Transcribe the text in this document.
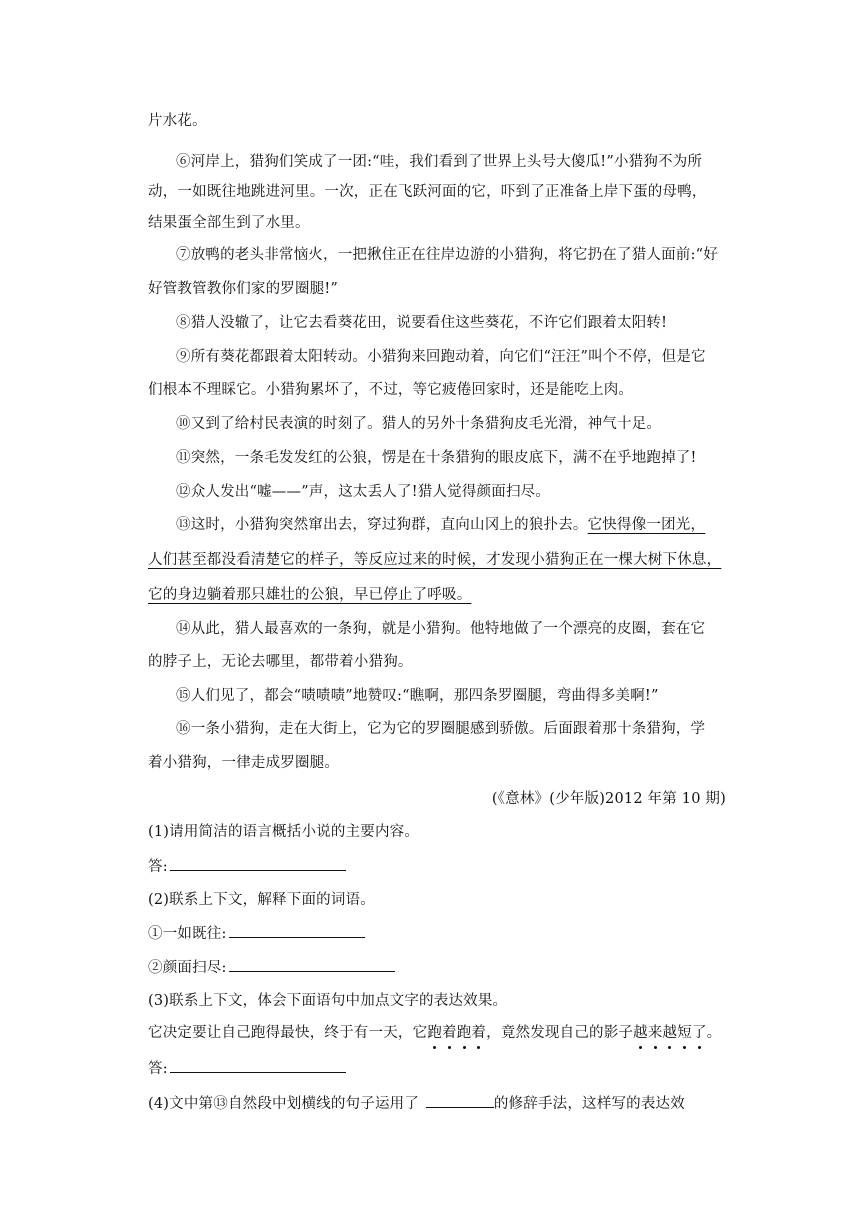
片水花。
⑥河岸上，猎狗们笑成了一团:“哇，我们看到了世界上头号大傻瓜!”小猎狗不为所
动，一如既往地跳进河里。一次，正在飞跃河面的它，吓到了正准备上岸下蛋的母鸭，
结果蛋全部生到了水里。
⑦放鸭的老头非常恼火，一把揪住正在往岸边游的小猎狗，将它扔在了猎人面前:“好
好管教管教你们家的罗圈腿!”
⑧猎人没辙了，让它去看葵花田，说要看住这些葵花，不许它们跟着太阳转!
⑨所有葵花都跟着太阳转动。小猎狗来回跑动着，向它们“汪汪”叫个不停，但是它
们根本不理睬它。小猎狗累坏了，不过，等它疲倦回家时，还是能吃上肉。
⑩又到了给村民表演的时刻了。猎人的另外十条猎狗皮毛光滑，神气十足。
⑪突然，一条毛发发红的公狼，愣是在十条猎狗的眼皮底下，满不在乎地跑掉了!
⑫众人发出“嘘——”声，这太丢人了!猎人觉得颜面扫尽。
⑬这时，小猎狗突然窜出去，穿过狗群，直向山冈上的狼扑去。它快得像一团光，
人们甚至都没看清楚它的样子，等反应过来的时候，才发现小猎狗正在一棵大树下休息，
它的身边躺着那只雄壮的公狼，早已停止了呼吸。
⑭从此，猎人最喜欢的一条狗，就是小猎狗。他特地做了一个漂亮的皮圈，套在它
的脖子上，无论去哪里，都带着小猎狗。
⑮人们见了，都会“啧啧啧”地赞叹:“瞧啊，那四条罗圈腿，弯曲得多美啊!”
⑯一条小猎狗，走在大街上，它为它的罗圈腿感到骄傲。后面跟着那十条猎狗，学
着小猎狗，一律走成罗圈腿。
(《意林》(少年版)2012 年第 10 期)
(1)请用简洁的语言概括小说的主要内容。
答:
(2)联系上下文，解释下面的词语。
①一如既往:
②颜面扫尽:
(3)联系上下文，体会下面语句中加点文字的表达效果。
它决定要让自己跑得最快，终于有一天，它跑着跑着，竟然发现自己的影子越来越短了。
答:
(4)文中第⑬自然段中划横线的句子运用了	的修辞手法，这样写的表达效
